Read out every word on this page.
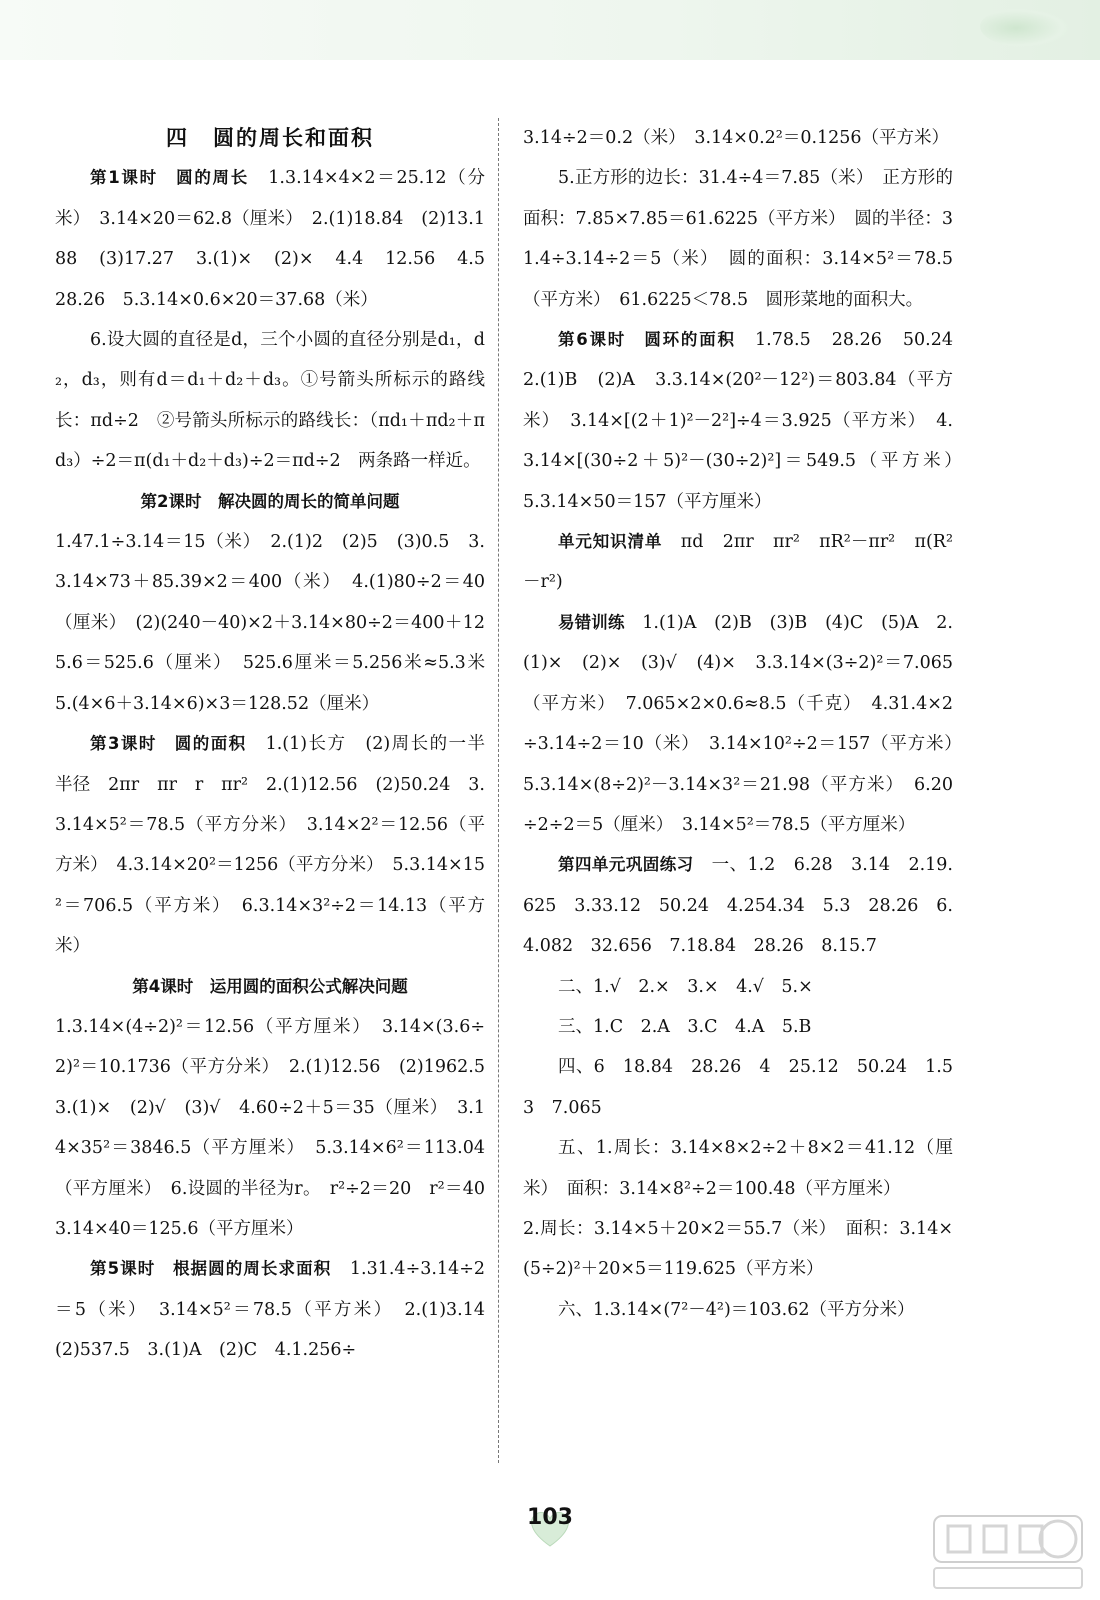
四 圆的周长和面积

第1课时　圆的周长　1.3.14×4×2＝25.12（分米）　3.14×20＝62.8（厘米）　2.(1)18.84　(2)13.188　(3)17.27　3.(1)×　(2)×　4.4　12.56　4.5　28.26　5.3.14×0.6×20＝37.68（米）

6.设大圆的直径是d，三个小圆的直径分别是d₁，d₂，d₃，则有d＝d₁＋d₂＋d₃。①号箭头所标示的路线长：πd÷2　②号箭头所标示的路线长：（πd₁＋πd₂＋πd₃）÷2＝π(d₁＋d₂＋d₃)÷2＝πd÷2　两条路一样近。

第2课时　解决圆的周长的简单问题

1.47.1÷3.14＝15（米）　2.(1)2　(2)5　(3)0.5　3.3.14×73＋85.39×2＝400（米）　4.(1)80÷2＝40（厘米）　(2)(240－40)×2＋3.14×80÷2＝400＋125.6＝525.6（厘米）　525.6厘米＝5.256米≈5.3米　5.(4×6＋3.14×6)×3＝128.52（厘米）

第3课时　圆的面积　1.(1)长方　(2)周长的一半　半径　2πr　πr　r　πr²　2.(1)12.56　(2)50.24　3.3.14×5²＝78.5（平方分米）　3.14×2²＝12.56（平方米）　4.3.14×20²＝1256（平方分米）　5.3.14×15²＝706.5（平方米）　6.3.14×3²÷2＝14.13（平方米）

第4课时　运用圆的面积公式解决问题

1.3.14×(4÷2)²＝12.56（平方厘米）　3.14×(3.6÷2)²＝10.1736（平方分米）　2.(1)12.56　(2)1962.5　3.(1)×　(2)√　(3)√　4.60÷2＋5＝35（厘米）　3.14×35²＝3846.5（平方厘米）　5.3.14×6²＝113.04（平方厘米）　6.设圆的半径为r。　r²÷2＝20　r²＝40　3.14×40＝125.6（平方厘米）

第5课时　根据圆的周长求面积　1.31.4÷3.14÷2＝5（米）　3.14×5²＝78.5（平方米）　2.(1)3.14　(2)537.5　3.(1)A　(2)C　4.1.256÷

3.14÷2＝0.2（米）　3.14×0.2²＝0.1256（平方米）

5.正方形的边长：31.4÷4＝7.85（米）　正方形的面积：7.85×7.85＝61.6225（平方米）　圆的半径：31.4÷3.14÷2＝5（米）　圆的面积：3.14×5²＝78.5（平方米）　61.6225＜78.5　圆形菜地的面积大。

第6课时　圆环的面积　1.78.5　28.26　50.24　2.(1)B　(2)A　3.3.14×(20²－12²)＝803.84（平方米）　3.14×[(2＋1)²－2²]÷4＝3.925（平方米）　4.3.14×[(30÷2＋5)²－(30÷2)²]＝549.5（平方米）　5.3.14×50＝157（平方厘米）

单元知识清单　πd　2πr　πr²　πR²－πr²　π(R²－r²)

易错训练　1.(1)A　(2)B　(3)B　(4)C　(5)A　2.(1)×　(2)×　(3)√　(4)×　3.3.14×(3÷2)²＝7.065（平方米）　7.065×2×0.6≈8.5（千克）　4.31.4×2÷3.14÷2＝10（米）　3.14×10²÷2＝157（平方米）　5.3.14×(8÷2)²－3.14×3²＝21.98（平方米）　6.20÷2÷2＝5（厘米）　3.14×5²＝78.5（平方厘米）

第四单元巩固练习　一、1.2　6.28　3.14　2.19.625　3.33.12　50.24　4.254.34　5.3　28.26　6.4.082　32.656　7.18.84　28.26　8.15.7

二、1.√　2.×　3.×　4.√　5.×

三、1.C　2.A　3.C　4.A　5.B

四、6　18.84　28.26　4　25.12　50.24　1.5　3　7.065

五、1.周长：3.14×8×2÷2＋8×2＝41.12（厘米）　面积：3.14×8²÷2＝100.48（平方厘米）

2.周长：3.14×5＋20×2＝55.7（米）　面积：3.14×(5÷2)²＋20×5＝119.625（平方米）

六、1.3.14×(7²－4²)＝103.62（平方分米）

103
